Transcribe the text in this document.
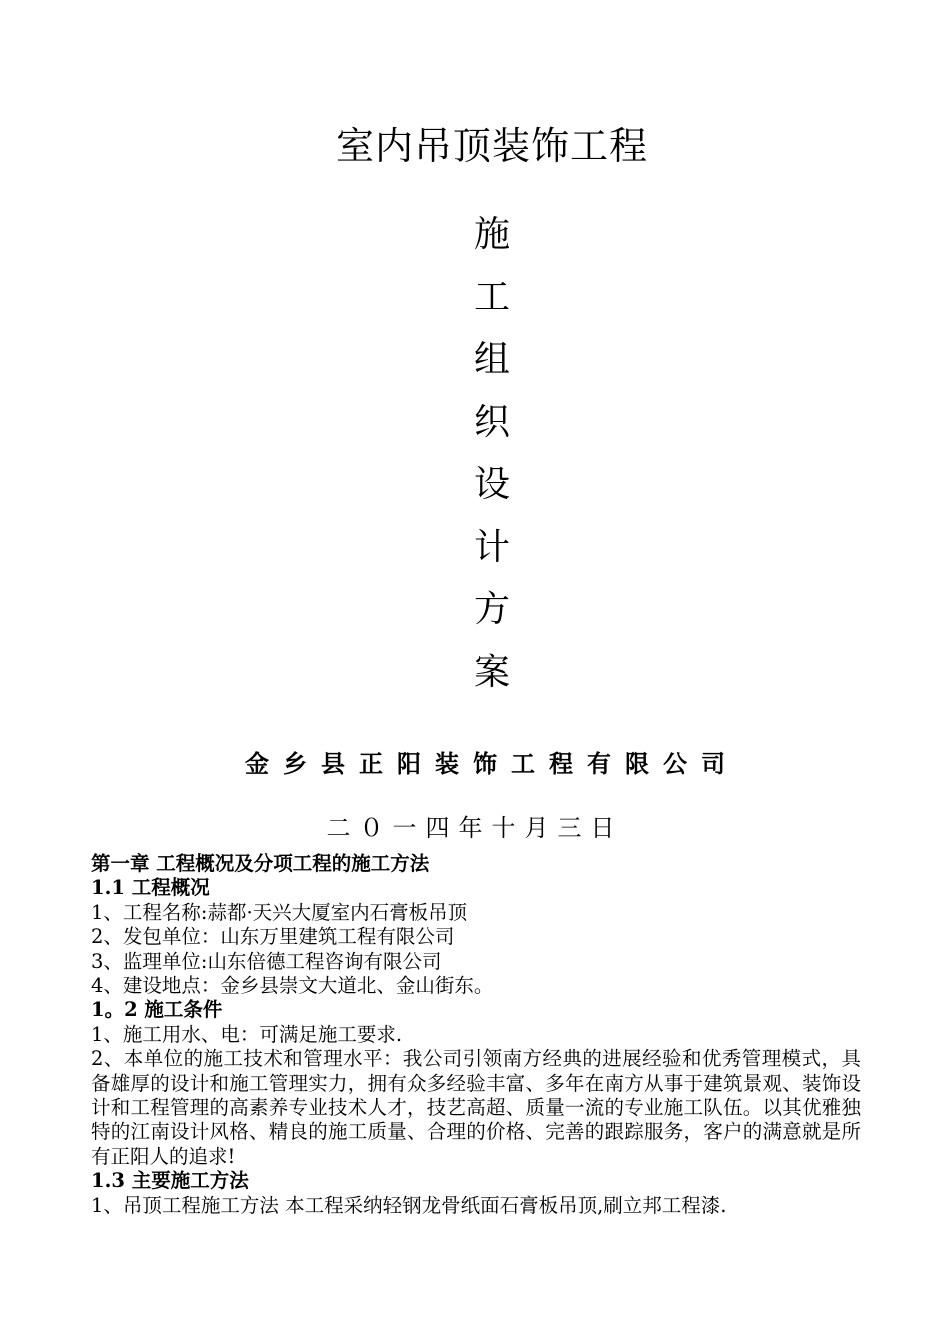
室内吊顶装饰工程
施
工
组
织
设
计
方
案
金乡县正阳装饰工程有限公司
二０一四年十月三日
第一章 工程概况及分项工程的施工方法
1.1 工程概况
1、工程名称:蒜都·天兴大厦室内石膏板吊顶
2、发包单位：山东万里建筑工程有限公司
3、监理单位:山东倍德工程咨询有限公司
4、建设地点：金乡县崇文大道北、金山街东。
1。2 施工条件
1、施工用水、电：可满足施工要求.
2、本单位的施工技术和管理水平：我公司引领南方经典的进展经验和优秀管理模式，具备雄厚的设计和施工管理实力，拥有众多经验丰富、多年在南方从事于建筑景观、装饰设计和工程管理的高素养专业技术人才，技艺高超、质量一流的专业施工队伍。以其优雅独特的江南设计风格、精良的施工质量、合理的价格、完善的跟踪服务，客户的满意就是所有正阳人的追求!
1.3 主要施工方法
1、吊顶工程施工方法 本工程采纳轻钢龙骨纸面石膏板吊顶,刷立邦工程漆.
